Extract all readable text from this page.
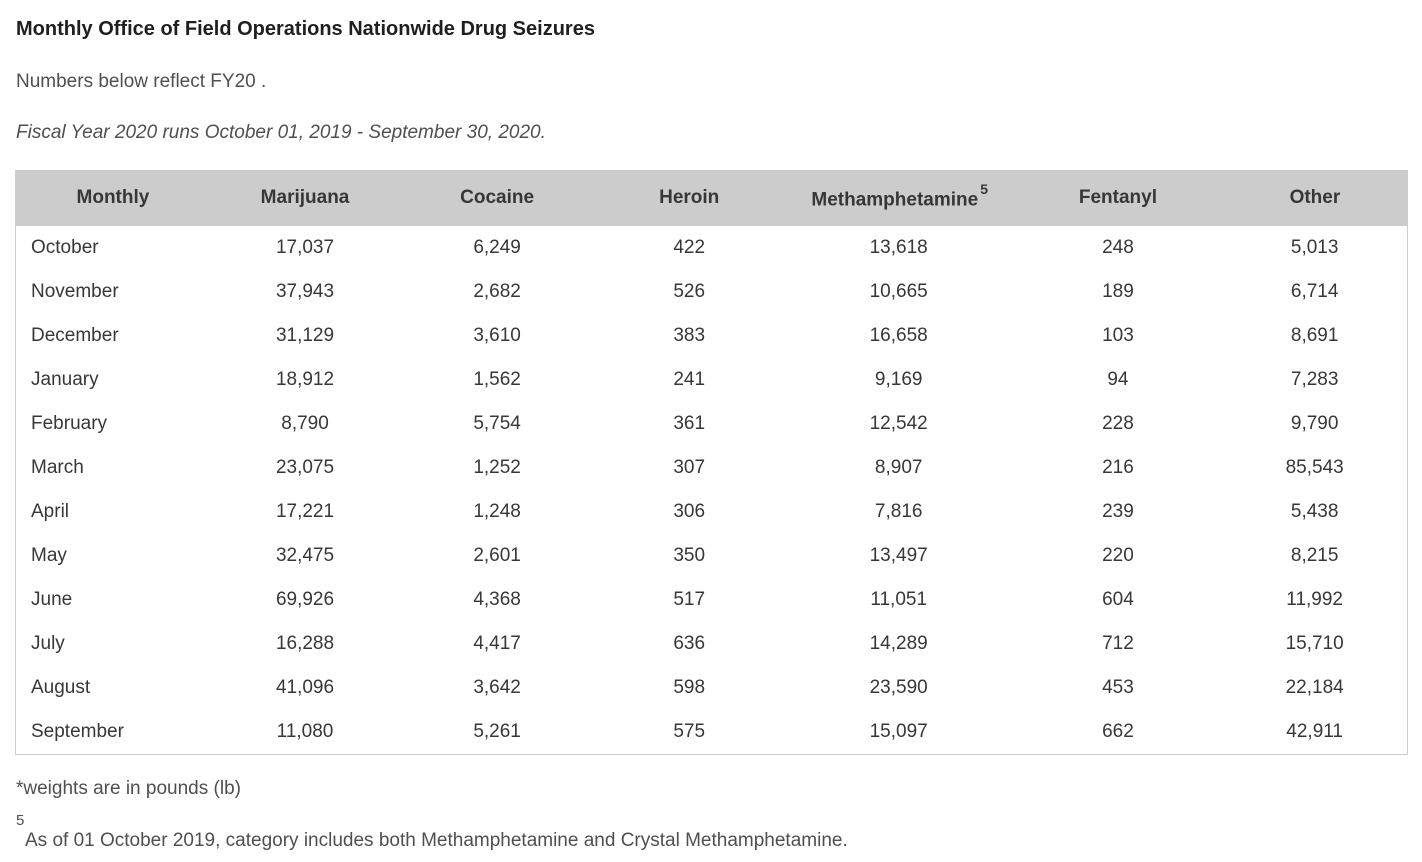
Monthly Office of Field Operations Nationwide Drug Seizures

Numbers below reflect FY20 .

Fiscal Year 2020 runs October 01, 2019 - September 30, 2020.

Monthly	Marijuana	Cocaine	Heroin	Methamphetamine$^5$	Fentanyl	Other
October	17,037	6,249	422	13,618	248	5,013
November	37,943	2,682	526	10,665	189	6,714
December	31,129	3,610	383	16,658	103	8,691
January	18,912	1,562	241	9,169	94	7,283
February	8,790	5,754	361	12,542	228	9,790
March	23,075	1,252	307	8,907	216	85,543
April	17,221	1,248	306	7,816	239	5,438
May	32,475	2,601	350	13,497	220	8,215
June	69,926	4,368	517	11,051	604	11,992
July	16,288	4,417	636	14,289	712	15,710
August	41,096	3,642	598	23,590	453	22,184
September	11,080	5,261	575	15,097	662	42,911

*weights are in pounds (lb)

5
As of 01 October 2019, category includes both Methamphetamine and Crystal Methamphetamine.
